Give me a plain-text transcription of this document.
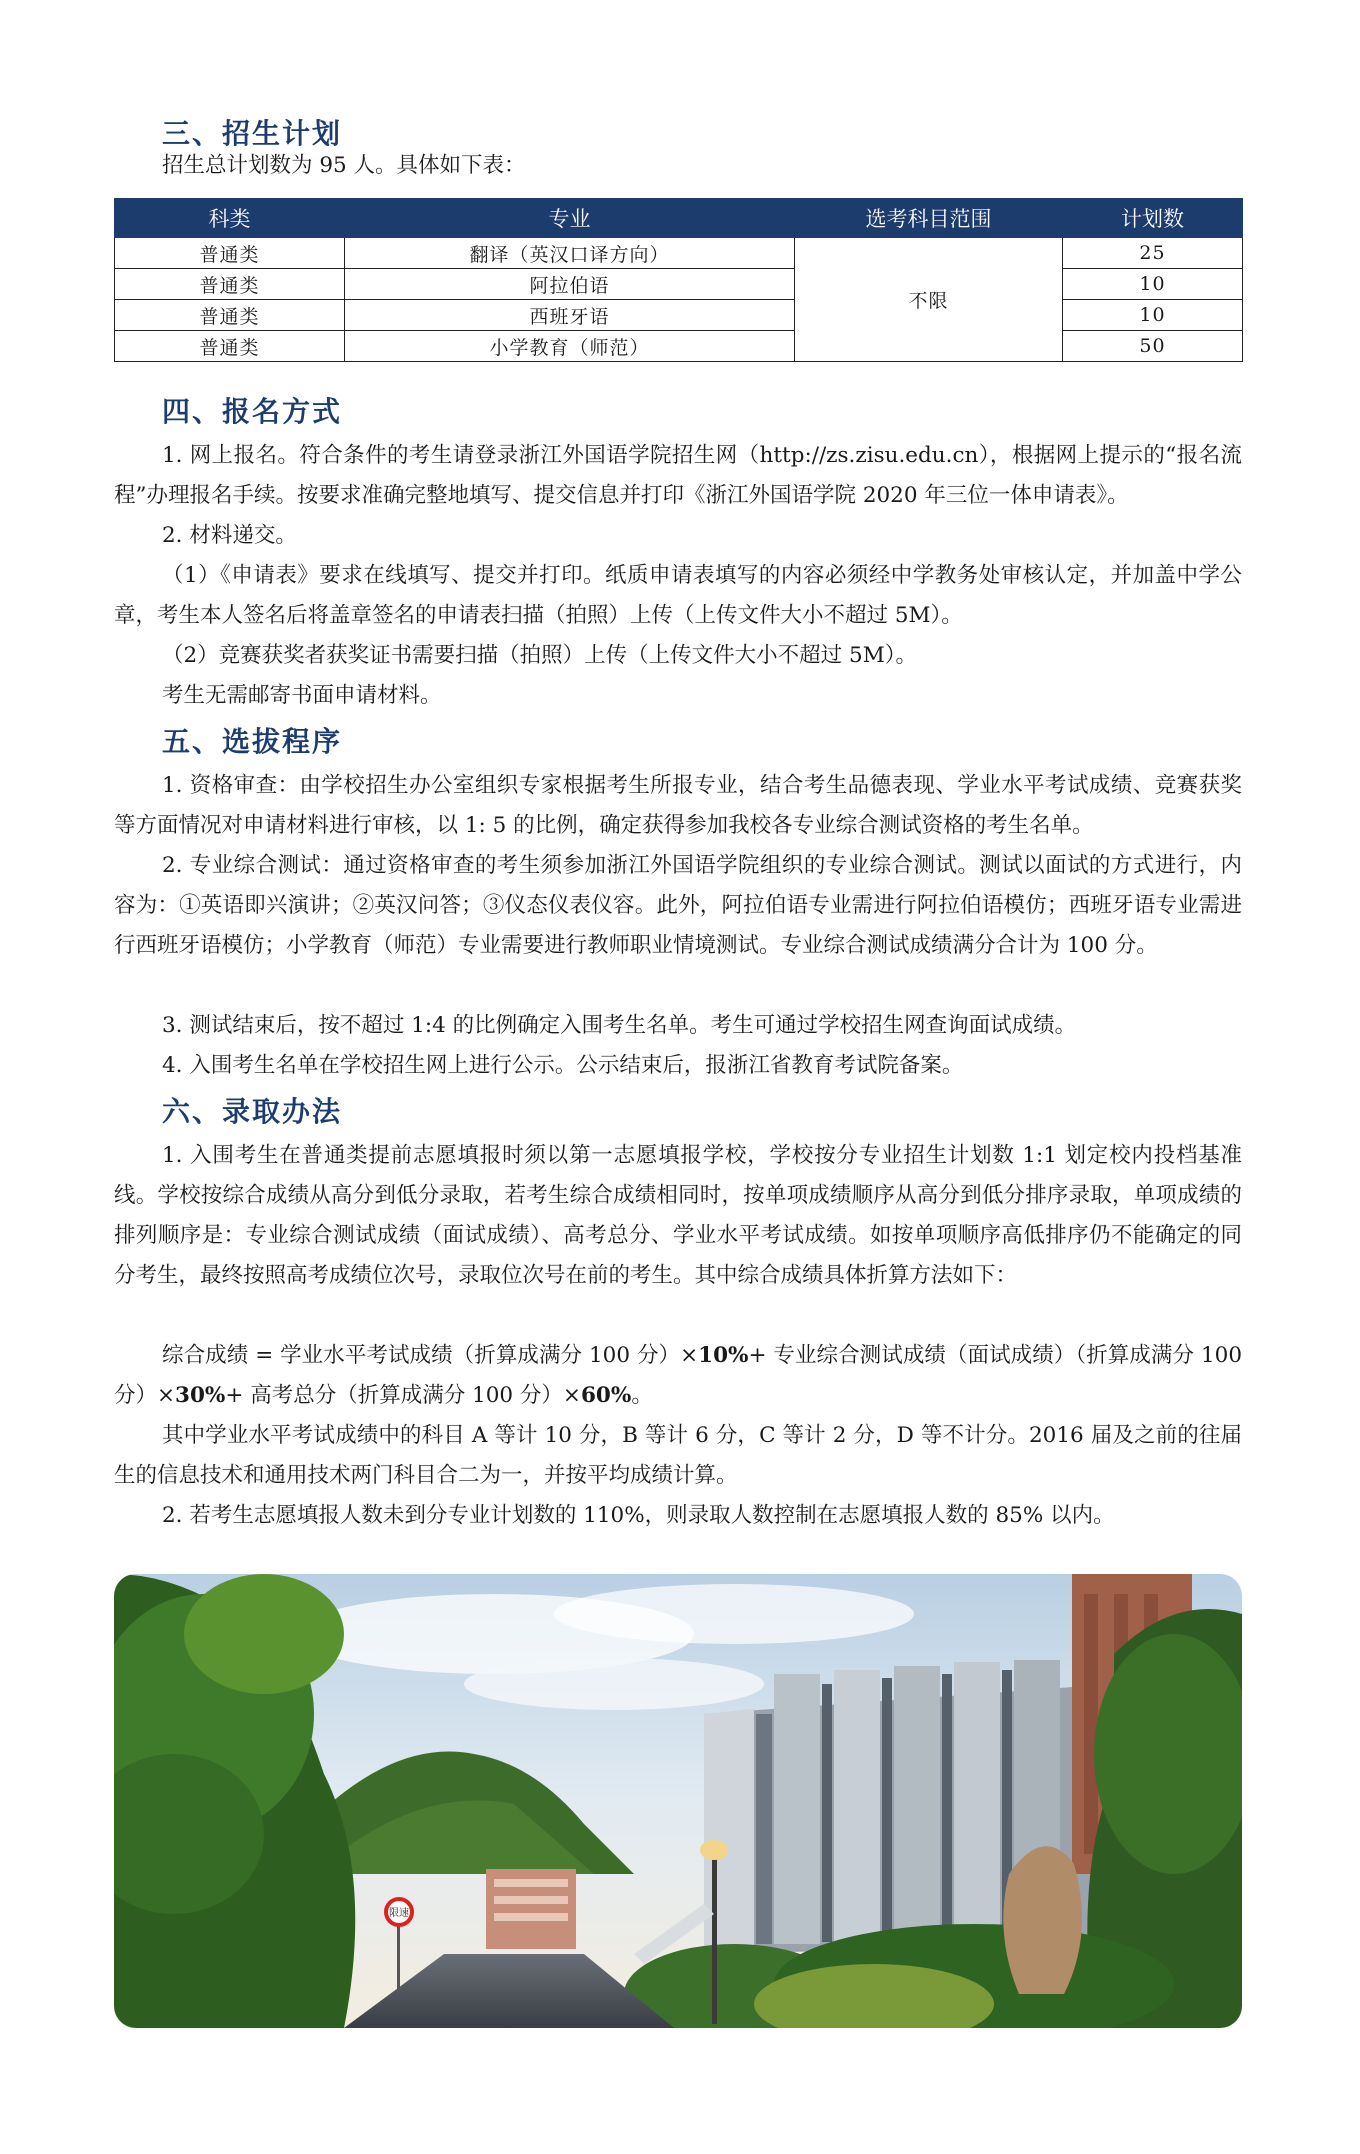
三、招生计划

招生总计划数为 95 人。具体如下表：

科类	专业	选考科目范围	计划数
普通类	翻译（英汉口译方向）	不限	25
普通类	阿拉伯语		10
普通类	西班牙语		10
普通类	小学教育（师范）		50
四、报名方式

1. 网上报名。符合条件的考生请登录浙江外国语学院招生网（http://zs.zisu.edu.cn），根据网上提示的“报名流程”办理报名手续。按要求准确完整地填写、提交信息并打印《浙江外国语学院 2020 年三位一体申请表》。

2. 材料递交。

（1）《申请表》要求在线填写、提交并打印。纸质申请表填写的内容必须经中学教务处审核认定，并加盖中学公章，考生本人签名后将盖章签名的申请表扫描（拍照）上传（上传文件大小不超过 5M）。

（2）竞赛获奖者获奖证书需要扫描（拍照）上传（上传文件大小不超过 5M）。

考生无需邮寄书面申请材料。

五、选拔程序

1. 资格审查：由学校招生办公室组织专家根据考生所报专业，结合考生品德表现、学业水平考试成绩、竞赛获奖等方面情况对申请材料进行审核，以 1: 5 的比例，确定获得参加我校各专业综合测试资格的考生名单。

2. 专业综合测试：通过资格审查的考生须参加浙江外国语学院组织的专业综合测试。测试以面试的方式进行，内容为：①英语即兴演讲；②英汉问答；③仪态仪表仪容。此外，阿拉伯语专业需进行阿拉伯语模仿；西班牙语专业需进行西班牙语模仿；小学教育（师范）专业需要进行教师职业情境测试。专业综合测试成绩满分合计为 100 分。

3. 测试结束后，按不超过 1:4 的比例确定入围考生名单。考生可通过学校招生网查询面试成绩。

4. 入围考生名单在学校招生网上进行公示。公示结束后，报浙江省教育考试院备案。

六、录取办法

1. 入围考生在普通类提前志愿填报时须以第一志愿填报学校，学校按分专业招生计划数 1:1 划定校内投档基准线。学校按综合成绩从高分到低分录取，若考生综合成绩相同时，按单项成绩顺序从高分到低分排序录取，单项成绩的排列顺序是：专业综合测试成绩（面试成绩）、高考总分、学业水平考试成绩。如按单项顺序高低排序仍不能确定的同分考生，最终按照高考成绩位次号，录取位次号在前的考生。其中综合成绩具体折算方法如下：

综合成绩 = 学业水平考试成绩（折算成满分 100 分）×10%+ 专业综合测试成绩（面试成绩）（折算成满分 100 分）×30%+ 高考总分（折算成满分 100 分）×60%。

其中学业水平考试成绩中的科目 A 等计 10 分，B 等计 6 分，C 等计 2 分，D 等不计分。2016 届及之前的往届生的信息技术和通用技术两门科目合二为一，并按平均成绩计算。

2. 若考生志愿填报人数未到分专业计划数的 110%，则录取人数控制在志愿填报人数的 85% 以内。

限速
